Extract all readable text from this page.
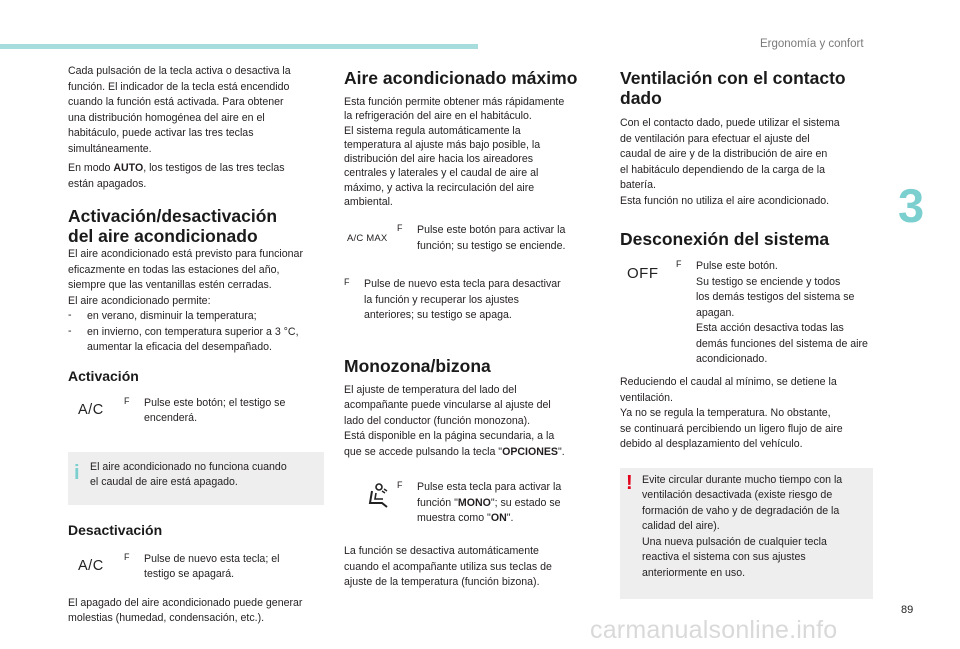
Ergonomía y confort
3
89
carmanualsonline.info

Cada pulsación de la tecla activa o desactiva la
función. El indicador de la tecla está encendido
cuando la función está activada. Para obtener
una distribución homogénea del aire en el
habitáculo, puede activar las tres teclas
simultáneamente.

En modo AUTO, los testigos de las tres teclas
están apagados.

Activación/desactivación
del aire acondicionado

El aire acondicionado está previsto para funcionar
eficazmente en todas las estaciones del año,
siempre que las ventanillas estén cerradas.
El aire acondicionado permite:

- en verano, disminuir la temperatura;

- en invierno, con temperatura superior a 3 °C,
aumentar la eficacia del desempañado.

Activación
A/C
F Pulse este botón; el testigo se
encenderá.

i El aire acondicionado no funciona cuando
el caudal de aire está apagado.

Desactivación
A/C
F Pulse de nuevo esta tecla; el
testigo se apagará.

El apagado del aire acondicionado puede generar
molestias (humedad, condensación, etc.).

Aire acondicionado máximo

Esta función permite obtener más rápidamente
la refrigeración del aire en el habitáculo.
El sistema regula automáticamente la
temperatura al ajuste más bajo posible, la
distribución del aire hacia los aireadores
centrales y laterales y el caudal de aire al
máximo, y activa la recirculación del aire
ambiental.

A/C MAX
F Pulse este botón para activar la
función; su testigo se enciende.

F Pulse de nuevo esta tecla para desactivar
la función y recuperar los ajustes
anteriores; su testigo se apaga.

Monozona/bizona

El ajuste de temperatura del lado del
acompañante puede vincularse al ajuste del
lado del conductor (función monozona).
Está disponible en la página secundaria, a la
que se accede pulsando la tecla "OPCIONES".

F Pulse esta tecla para activar la
función "MONO"; su estado se
muestra como "ON".

La función se desactiva automáticamente
cuando el acompañante utiliza sus teclas de
ajuste de la temperatura (función bizona).

Ventilación con el contacto
dado

Con el contacto dado, puede utilizar el sistema
de ventilación para efectuar el ajuste del
caudal de aire y de la distribución de aire en
el habitáculo dependiendo de la carga de la
batería.
Esta función no utiliza el aire acondicionado.

Desconexión del sistema
OFF
F Pulse este botón.
Su testigo se enciende y todos
los demás testigos del sistema se
apagan.
Esta acción desactiva todas las
demás funciones del sistema de aire
acondicionado.

Reduciendo el caudal al mínimo, se detiene la
ventilación.
Ya no se regula la temperatura. No obstante,
se continuará percibiendo un ligero flujo de aire
debido al desplazamiento del vehículo.

! Evite circular durante mucho tiempo con la
ventilación desactivada (existe riesgo de
formación de vaho y de degradación de la
calidad del aire).
Una nueva pulsación de cualquier tecla
reactiva el sistema con sus ajustes
anteriormente en uso.
